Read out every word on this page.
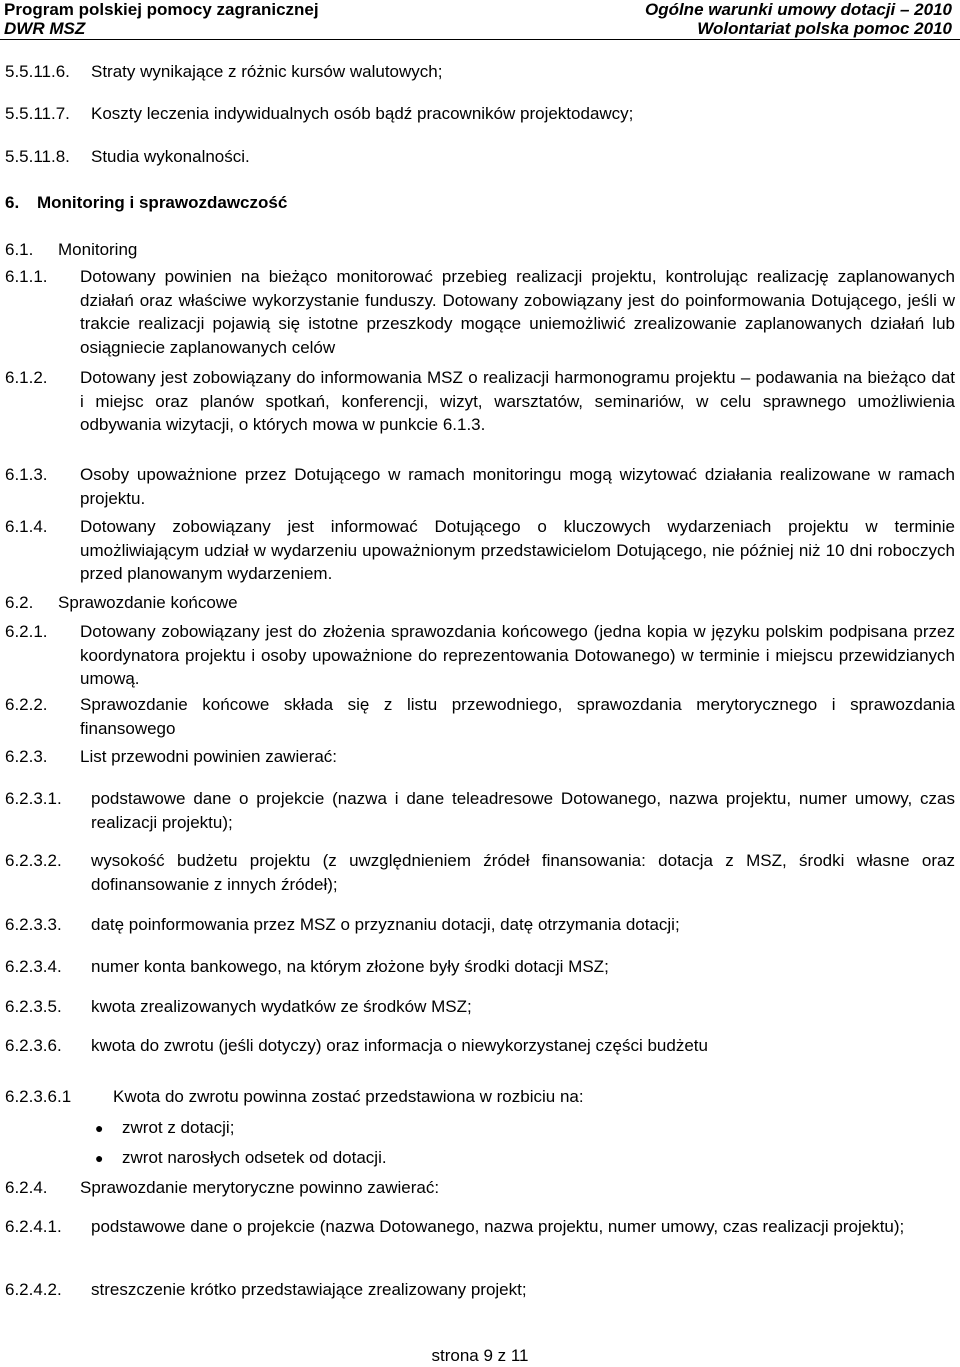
Program polskiej pomocy zagranicznej
DWR MSZ
Ogólne warunki umowy dotacji – 2010
Wolontariat polska pomoc 2010
5.5.11.6. Straty wynikające z różnic kursów walutowych;
5.5.11.7. Koszty leczenia indywidualnych osób bądź pracowników projektodawcy;
5.5.11.8. Studia wykonalności.
6. Monitoring i sprawozdawczość
6.1. Monitoring
6.1.1. Dotowany powinien na bieżąco monitorować przebieg realizacji projektu, kontrolując realizację zaplanowanych działań oraz właściwe wykorzystanie funduszy. Dotowany zobowiązany jest do poinformowania Dotującego, jeśli w trakcie realizacji pojawią się istotne przeszkody mogące uniemożliwić zrealizowanie zaplanowanych działań lub osiągniecie zaplanowanych celów
6.1.2. Dotowany jest zobowiązany do informowania MSZ o realizacji harmonogramu projektu – podawania na bieżąco dat i miejsc oraz planów spotkań, konferencji, wizyt, warsztatów, seminariów, w celu sprawnego umożliwienia odbywania wizytacji, o których mowa w punkcie 6.1.3.
6.1.3. Osoby upoważnione przez Dotującego w ramach monitoringu mogą wizytować działania realizowane w ramach projektu.
6.1.4. Dotowany zobowiązany jest informować Dotującego o kluczowych wydarzeniach projektu w terminie umożliwiającym udział w wydarzeniu upoważnionym przedstawicielom Dotującego, nie później niż 10 dni roboczych przed planowanym wydarzeniem.
6.2. Sprawozdanie końcowe
6.2.1. Dotowany zobowiązany jest do złożenia sprawozdania końcowego (jedna kopia w języku polskim podpisana przez koordynatora projektu i osoby upoważnione do reprezentowania Dotowanego) w terminie i miejscu przewidzianych umową.
6.2.2. Sprawozdanie końcowe składa się z listu przewodniego, sprawozdania merytorycznego i sprawozdania finansowego
6.2.3. List przewodni powinien zawierać:
6.2.3.1. podstawowe dane o projekcie (nazwa i dane teleadresowe Dotowanego, nazwa projektu, numer umowy, czas realizacji projektu);
6.2.3.2. wysokość budżetu projektu (z uwzględnieniem źródeł finansowania: dotacja z MSZ, środki własne oraz dofinansowanie z innych źródeł);
6.2.3.3. datę poinformowania przez MSZ o przyznaniu dotacji, datę otrzymania dotacji;
6.2.3.4. numer konta bankowego, na którym złożone były środki dotacji MSZ;
6.2.3.5. kwota zrealizowanych wydatków ze środków MSZ;
6.2.3.6. kwota do zwrotu (jeśli dotyczy) oraz informacja o niewykorzystanej części budżetu
6.2.3.6.1 Kwota do zwrotu powinna zostać przedstawiona w rozbiciu na:
● zwrot z dotacji;
● zwrot narosłych odsetek od dotacji.
6.2.4. Sprawozdanie merytoryczne powinno zawierać:
6.2.4.1. podstawowe dane o projekcie (nazwa Dotowanego, nazwa projektu, numer umowy, czas realizacji projektu);
6.2.4.2. streszczenie krótko przedstawiające zrealizowany projekt;
strona 9 z 11
